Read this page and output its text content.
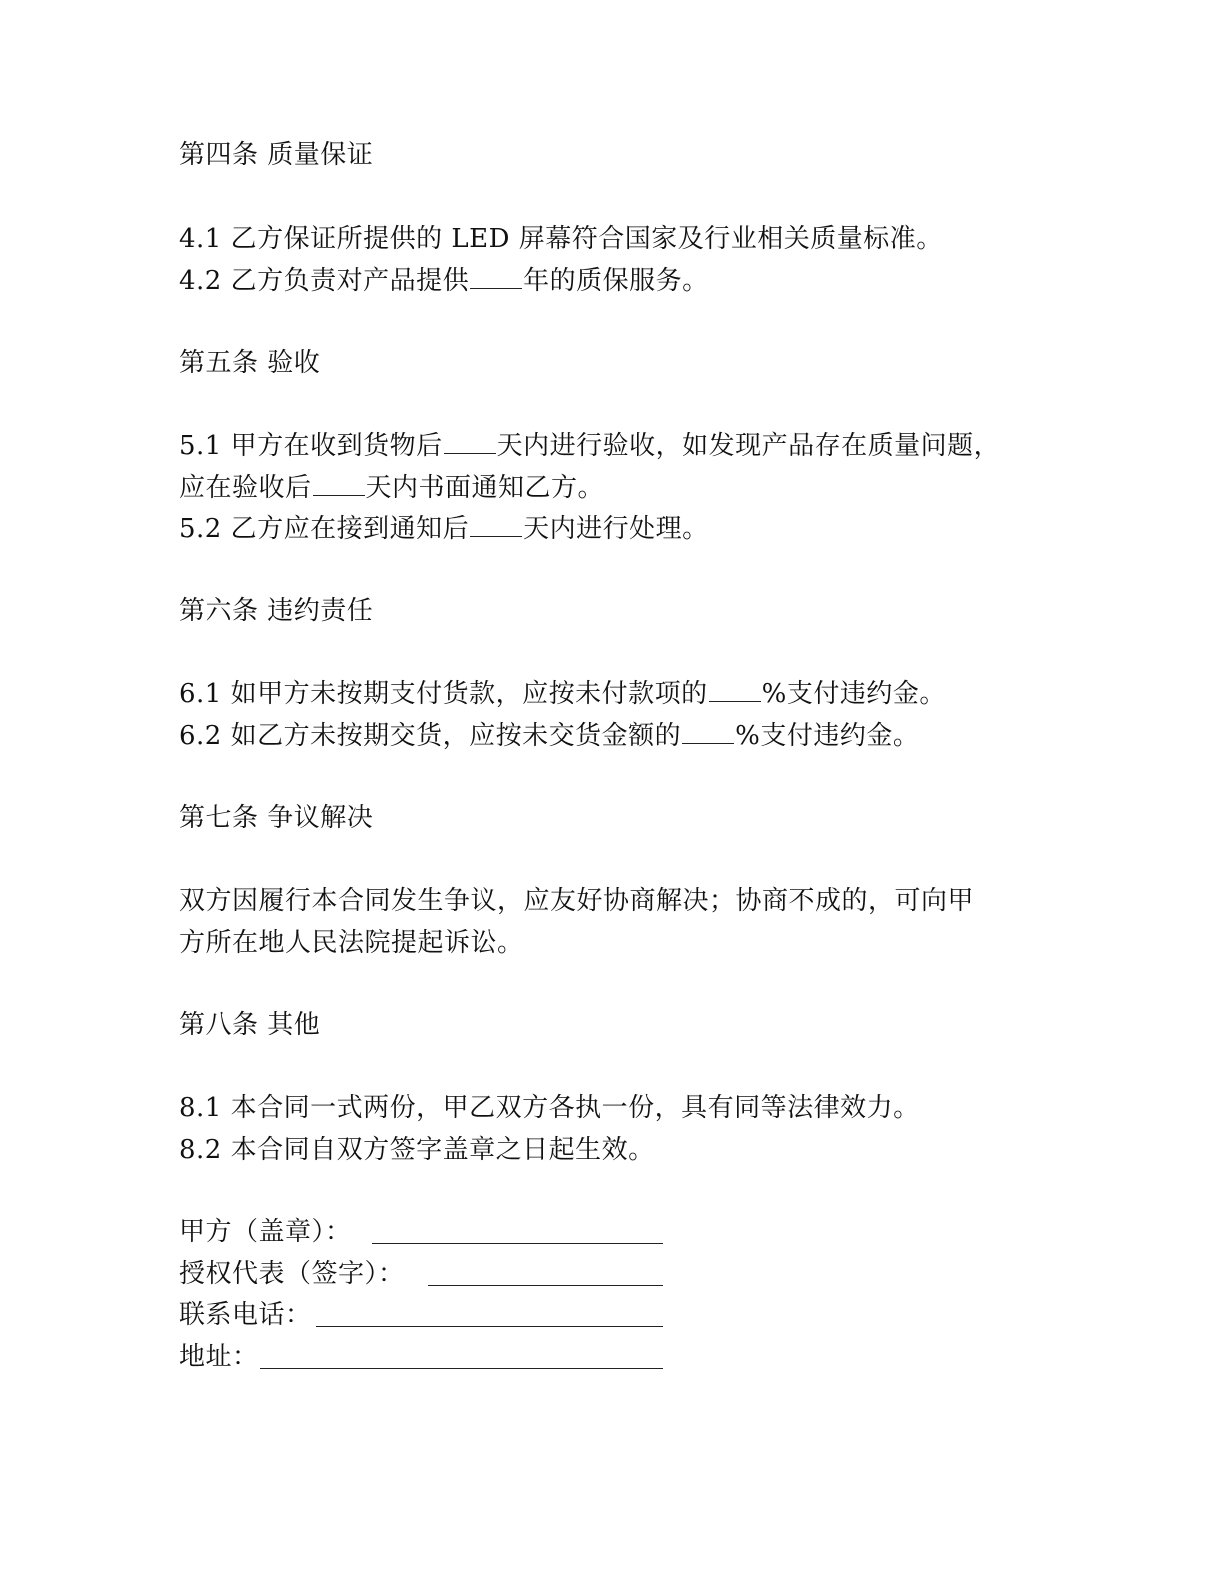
第四条 质量保证
4.1 乙方保证所提供的 LED 屏幕符合国家及行业相关质量标准。
4.2 乙方负责对产品提供 年的质保服务。
第五条 验收
5.1 甲方在收到货物后 天内进行验收，如发现产品存在质量问题，
应在验收后 天内书面通知乙方。
5.2 乙方应在接到通知后 天内进行处理。
第六条 违约责任
6.1 如甲方未按期支付货款，应按未付款项的 %支付违约金。
6.2 如乙方未按期交货，应按未交货金额的 %支付违约金。
第七条 争议解决
双方因履行本合同发生争议，应友好协商解决；协商不成的，可向甲
方所在地人民法院提起诉讼。
第八条 其他
8.1 本合同一式两份，甲乙双方各执一份，具有同等法律效力。
8.2 本合同自双方签字盖章之日起生效。
甲方（盖章）：
授权代表（签字）：
联系电话：
地址：
